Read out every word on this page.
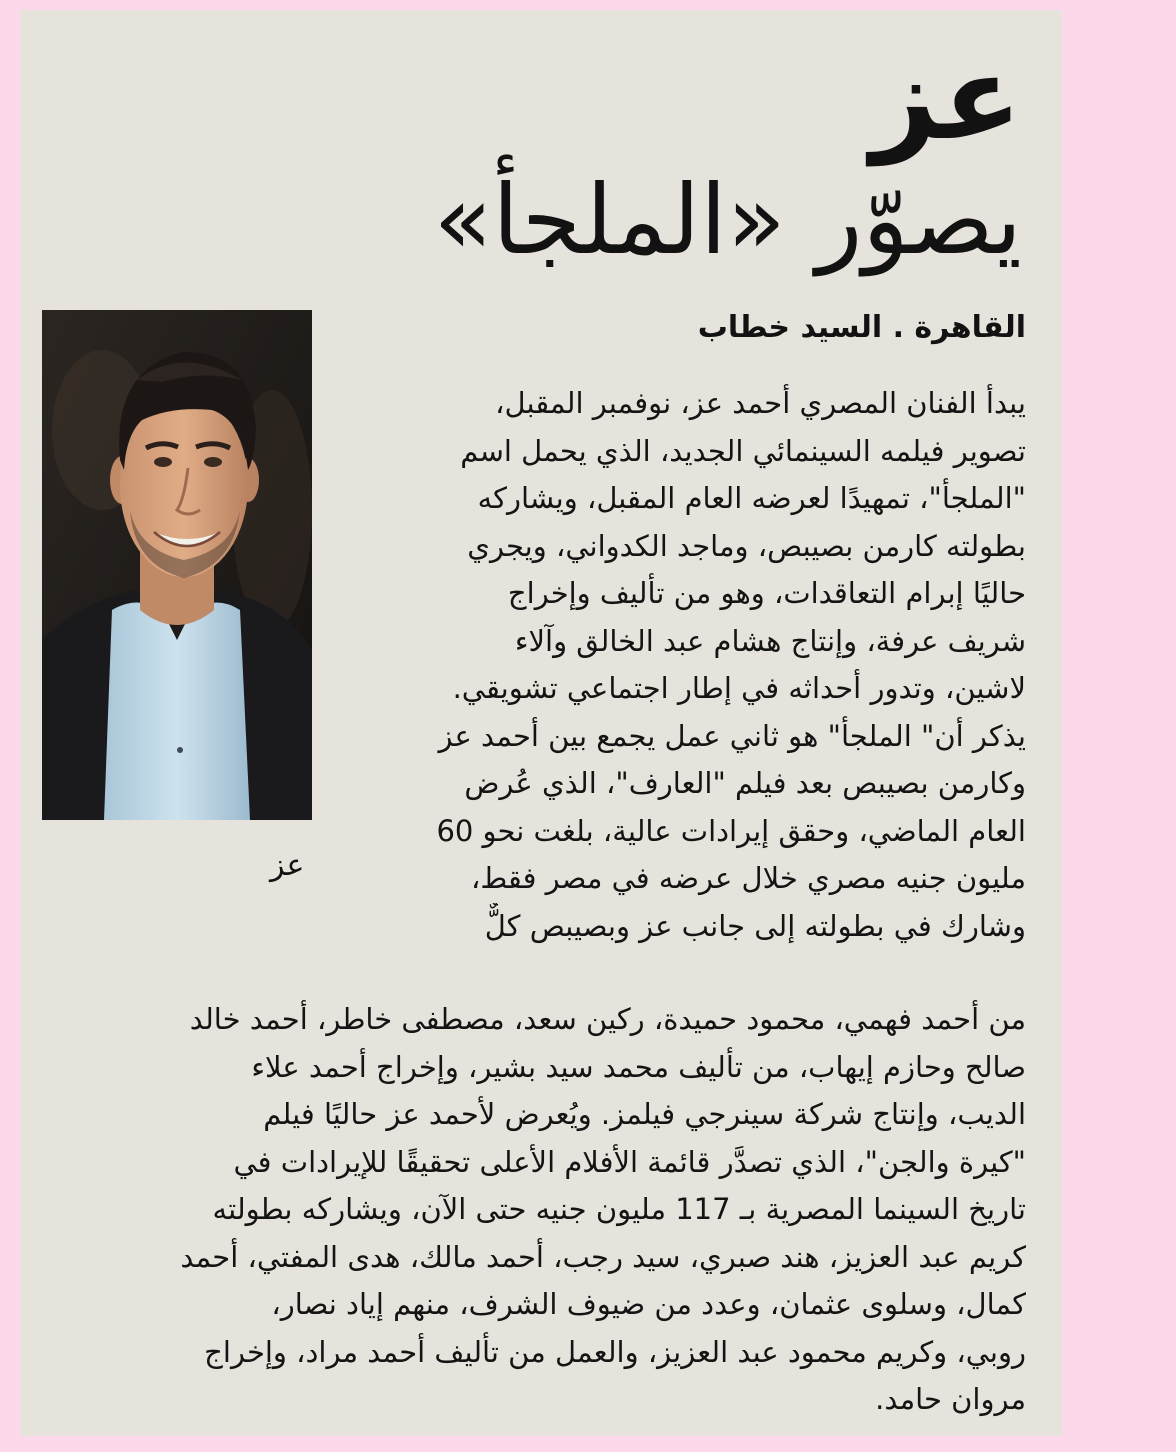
عز
يصوّر «الملجأ»
القاهرة . السيد خطاب
عز

يبدأ الفنان المصري أحمد عز، نوفمبر المقبل،
تصوير فيلمه السينمائي الجديد، الذي يحمل اسم
"الملجأ"، تمهيدًا لعرضه العام المقبل، ويشاركه
بطولته كارمن بصيبص، وماجد الكدواني، ويجري
حاليًا إبرام التعاقدات، وهو من تأليف وإخراج
شريف عرفة، وإنتاج هشام عبد الخالق وآلاء
لاشين، وتدور أحداثه في إطار اجتماعي تشويقي.
يذكر أن" الملجأ" هو ثاني عمل يجمع بين أحمد عز
وكارمن بصيبص بعد فيلم "العارف"، الذي عُرض
العام الماضي، وحقق إيرادات عالية، بلغت نحو 60
مليون جنيه مصري خلال عرضه في مصر فقط،
وشارك في بطولته إلى جانب عز وبصيبص كلٌّ

من أحمد فهمي، محمود حميدة، ركين سعد، مصطفى خاطر، أحمد خالد
صالح وحازم إيهاب، من تأليف محمد سيد بشير، وإخراج أحمد علاء
الديب، وإنتاج شركة سينرجي فيلمز. ويُعرض لأحمد عز حاليًا فيلم
"كيرة والجن"، الذي تصدَّر قائمة الأفلام الأعلى تحقيقًا للإيرادات في
تاريخ السينما المصرية بـ 117 مليون جنيه حتى الآن، ويشاركه بطولته
كريم عبد العزيز، هند صبري، سيد رجب، أحمد مالك، هدى المفتي، أحمد
كمال، وسلوى عثمان، وعدد من ضيوف الشرف، منهم إياد نصار،
روبي، وكريم محمود عبد العزيز، والعمل من تأليف أحمد مراد، وإخراج
مروان حامد.
